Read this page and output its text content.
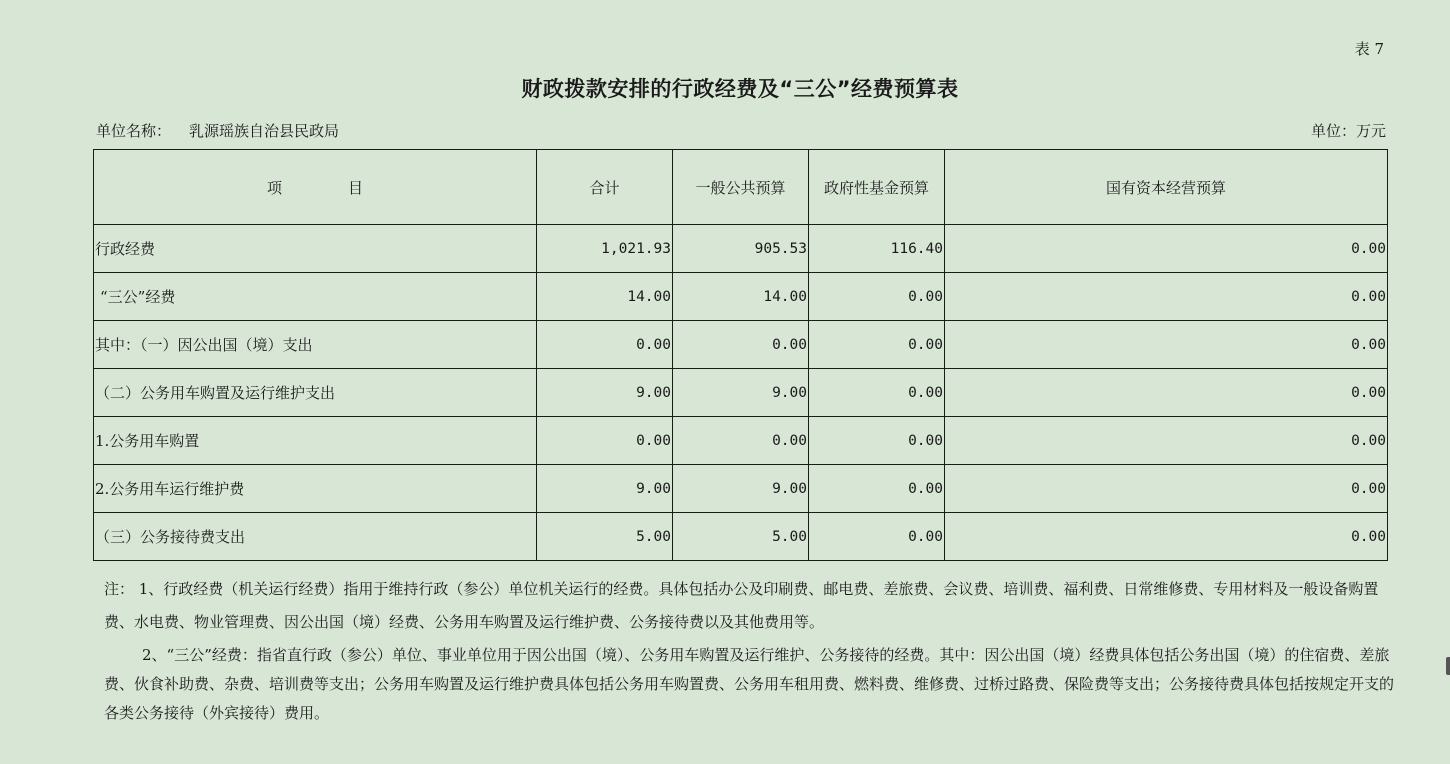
表 7
财政拨款安排的行政经费及“三公”经费预算表
单位名称： 乳源瑶族自治县民政局	单位：万元
项 目	合计	一般公共预算	政府性基金预算	国有资本经营预算
行政经费	1,021.93	905.53	116.40	0.00
“三公”经费	14.00	14.00	0.00	0.00
其中：（一）因公出国（境）支出	0.00	0.00	0.00	0.00
（二）公务用车购置及运行维护支出	9.00	9.00	0.00	0.00
1.公务用车购置	0.00	0.00	0.00	0.00
2.公务用车运行维护费	9.00	9.00	0.00	0.00
（三）公务接待费支出	5.00	5.00	0.00	0.00

注： 1、行政经费（机关运行经费）指用于维持行政（参公）单位机关运行的经费。具体包括办公及印刷费、邮电费、差旅费、会议费、培训费、福利费、日常维修费、专用材料及一般设备购置费、水电费、物业管理费、因公出国（境）经费、公务用车购置及运行维护费、公务接待费以及其他费用等。

2、“三公”经费：指省直行政（参公）单位、事业单位用于因公出国（境）、公务用车购置及运行维护、公务接待的经费。其中：因公出国（境）经费具体包括公务出国（境）的住宿费、差旅费、伙食补助费、杂费、培训费等支出；公务用车购置及运行维护费具体包括公务用车购置费、公务用车租用费、燃料费、维修费、过桥过路费、保险费等支出；公务接待费具体包括按规定开支的各类公务接待（外宾接待）费用。
